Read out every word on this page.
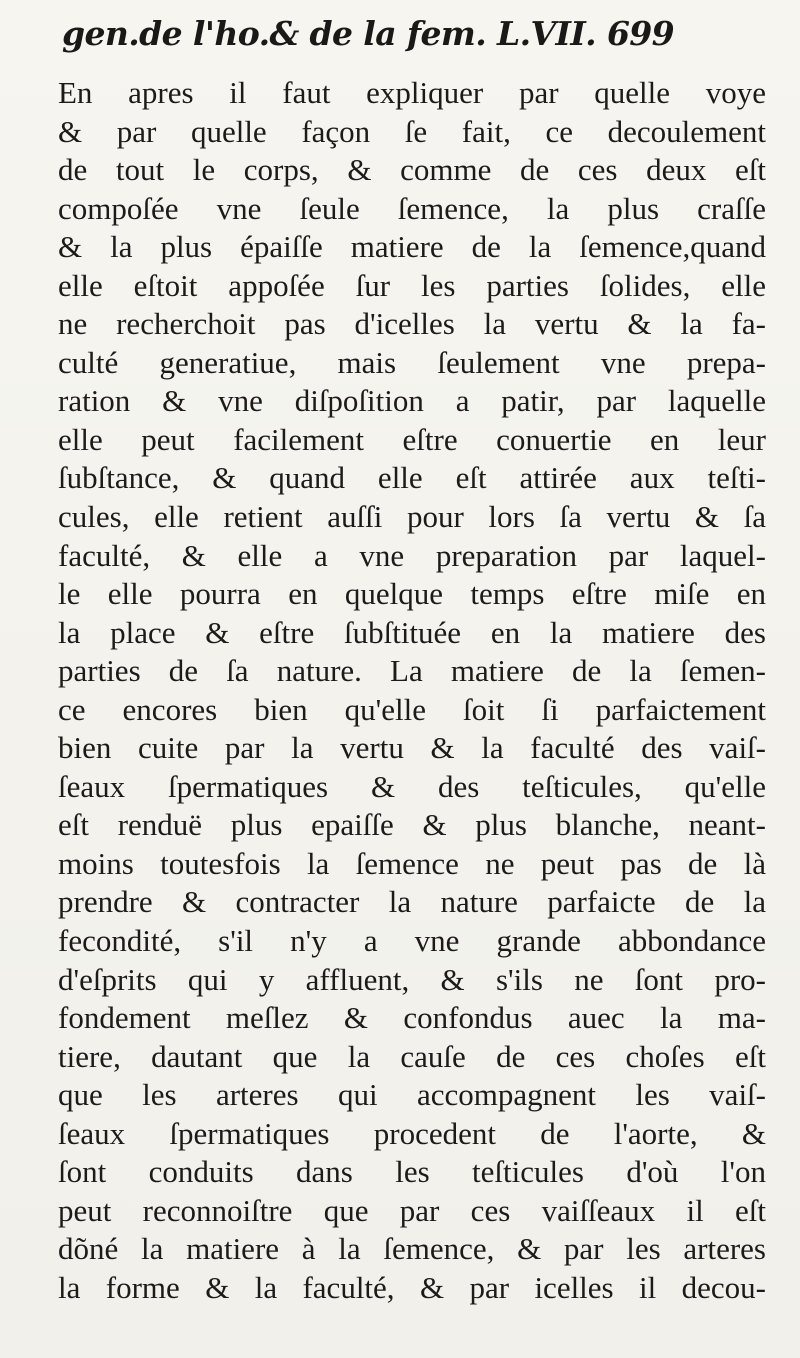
gen.de l'ho.& de la fem. L.VII. 699
En apres il faut expliquer par quelle voye
& par quelle façon ſe fait, ce decoulement
de tout le corps, & comme de ces deux eſt
compoſée vne ſeule ſemence, la plus craſſe
& la plus épaiſſe matiere de la ſemence,quand
elle eſtoit appoſée ſur les parties ſolides, elle
ne recherchoit pas d'icelles la vertu & la fa-
culté generatiue, mais ſeulement vne prepa-
ration & vne diſpoſition a patir, par laquelle
elle peut facilement eſtre conuertie en leur
ſubſtance, & quand elle eſt attirée aux teſti-
cules, elle retient auſſi pour lors ſa vertu & ſa
faculté, & elle a vne preparation par laquel-
le elle pourra en quelque temps eſtre miſe en
la place & eſtre ſubſtituée en la matiere des
parties de ſa nature. La matiere de la ſemen-
ce encores bien qu'elle ſoit ſi parfaictement
bien cuite par la vertu & la faculté des vaiſ-
ſeaux ſpermatiques & des teſticules, qu'elle
eſt renduë plus epaiſſe & plus blanche, neant-
moins toutesfois la ſemence ne peut pas de là
prendre & contracter la nature parfaicte de la
fecondité, s'il n'y a vne grande abbondance
d'eſprits qui y affluent, & s'ils ne ſont pro-
fondement meſlez & confondus auec la ma-
tiere, dautant que la cauſe de ces choſes eſt
que les arteres qui accompagnent les vaiſ-
ſeaux ſpermatiques procedent de l'aorte, &
ſont conduits dans les teſticules d'où l'on
peut reconnoiſtre que par ces vaiſſeaux il eſt
dõné la matiere à la ſemence, & par les arteres
la forme & la faculté, & par icelles il decou-
